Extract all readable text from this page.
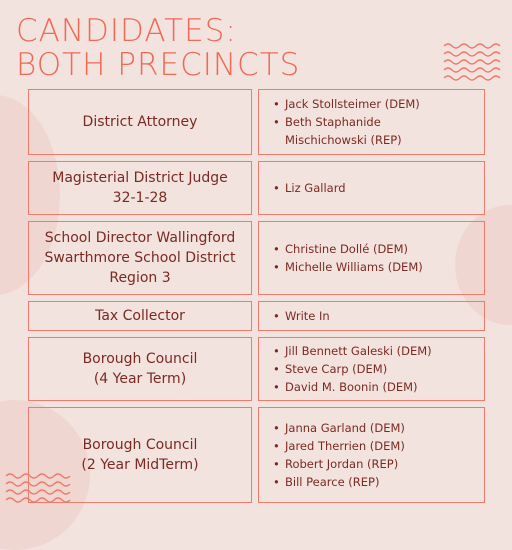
CANDIDATES:
BOTH PRECINCTS
District Attorney
• Jack Stollsteimer (DEM)
• Beth Staphanide
Mischichowski (REP)
Magisterial District Judge
32-1-28
• Liz Gallard
School Director Wallingford
Swarthmore School District
Region 3
• Christine Dollé (DEM)
• Michelle Williams (DEM)
Tax Collector
•	Write In
Borough Council
(4 Year Term)
• Jill Bennett Galeski (DEM)
• Steve Carp (DEM)
• David M. Boonin (DEM)
Borough Council
(2 Year MidTerm)
• Janna Garland (DEM)
• Jared Therrien (DEM)
• Robert Jordan (REP)
• Bill Pearce (REP)
